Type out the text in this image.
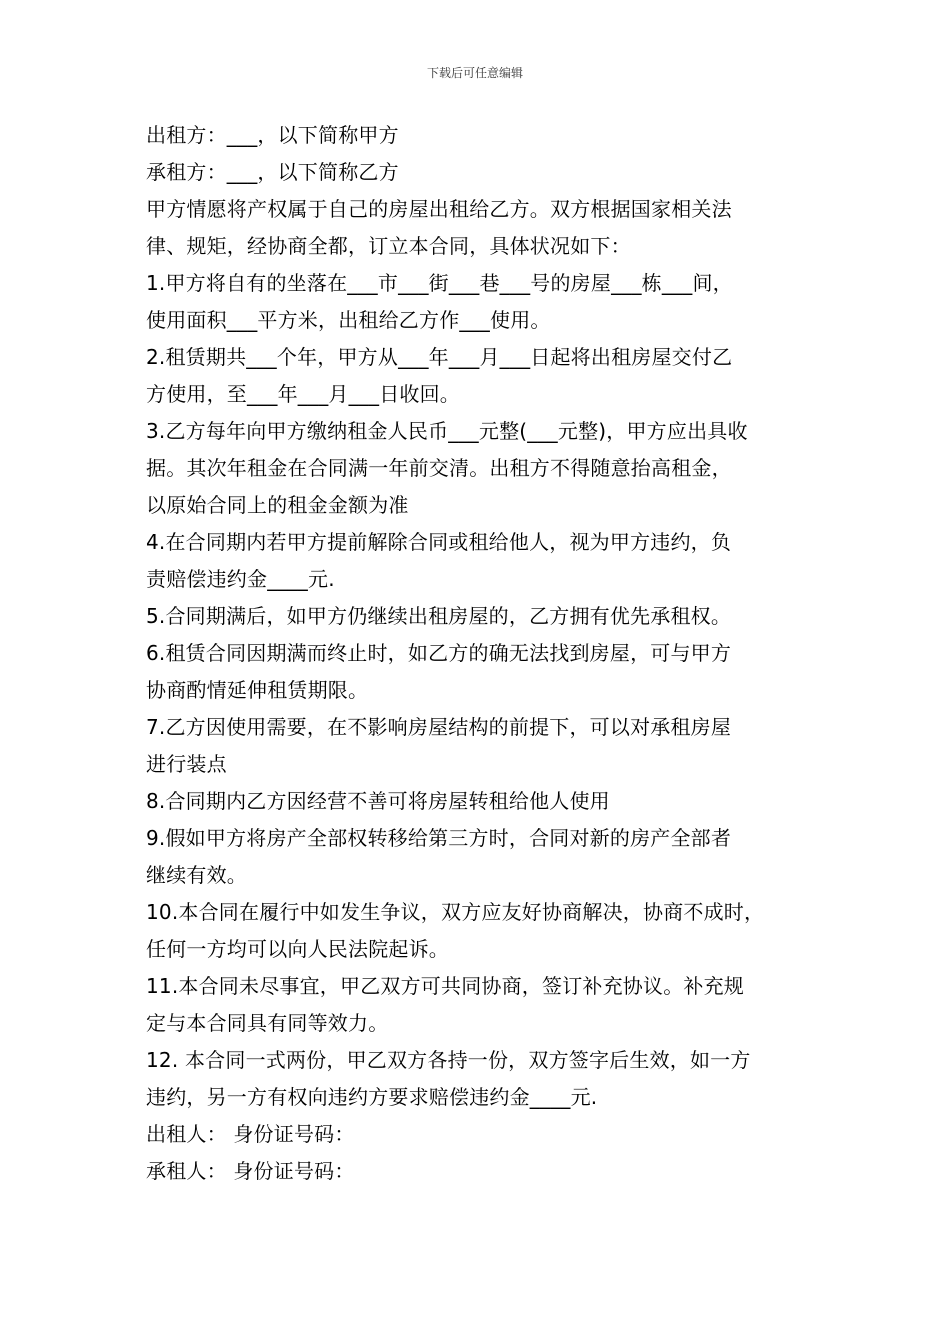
下载后可任意编辑
出租方：___，以下简称甲方
承租方：___，以下简称乙方
甲方情愿将产权属于自己的房屋出租给乙方。双方根据国家相关法
律、规矩，经协商全都，订立本合同，具体状况如下：
1.甲方将自有的坐落在___市___街___巷___号的房屋___栋___间，
使用面积___平方米，出租给乙方作___使用。
2.租赁期共___个年，甲方从___年___月___日起将出租房屋交付乙
方使用，至___年___月___日收回。
3.乙方每年向甲方缴纳租金人民币___元整(___元整)，甲方应出具收
据。其次年租金在合同满一年前交清。出租方不得随意抬高租金，
以原始合同上的租金金额为准
4.在合同期内若甲方提前解除合同或租给他人，视为甲方违约，负
责赔偿违约金____元.
5.合同期满后，如甲方仍继续出租房屋的，乙方拥有优先承租权。
6.租赁合同因期满而终止时，如乙方的确无法找到房屋，可与甲方
协商酌情延伸租赁期限。
7.乙方因使用需要，在不影响房屋结构的前提下，可以对承租房屋
进行装点
8.合同期内乙方因经营不善可将房屋转租给他人使用
9.假如甲方将房产全部权转移给第三方时，合同对新的房产全部者
继续有效。
10.本合同在履行中如发生争议，双方应友好协商解决，协商不成时，
任何一方均可以向人民法院起诉。
11.本合同未尽事宜，甲乙双方可共同协商，签订补充协议。补充规
定与本合同具有同等效力。
12. 本合同一式两份，甲乙双方各持一份，双方签字后生效，如一方
违约，另一方有权向违约方要求赔偿违约金____元.
出租人： 身份证号码：
承租人： 身份证号码：
